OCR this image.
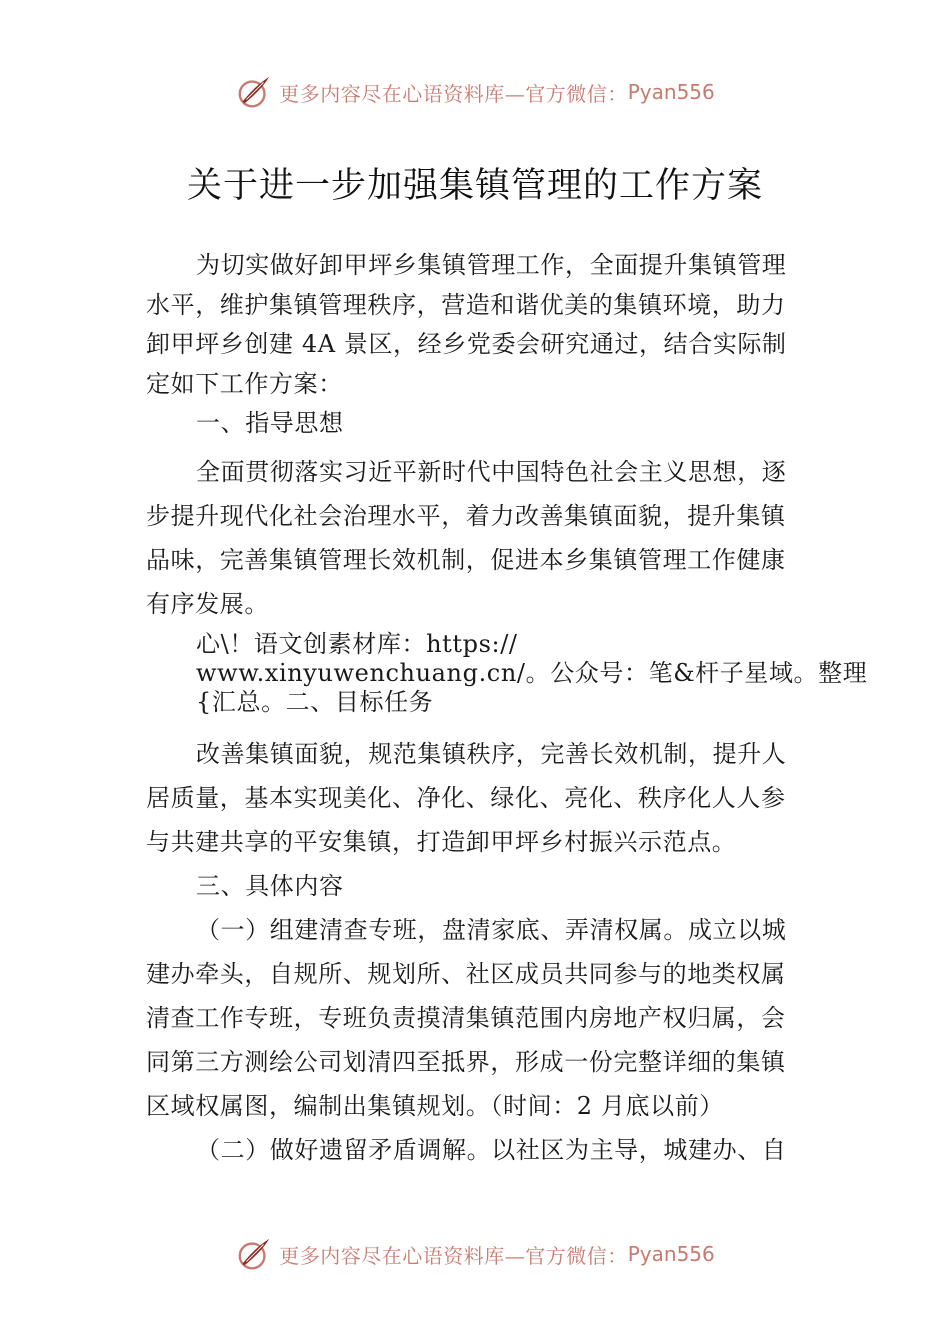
更多内容尽在心语资料库—官方微信： Pyan556
关于进一步加强集镇管理的工作方案
为切实做好卸甲坪乡集镇管理工作，全面提升集镇管理
水平，维护集镇管理秩序，营造和谐优美的集镇环境，助力
卸甲坪乡创建 4A 景区，经乡党委会研究通过，结合实际制
定如下工作方案：
一、指导思想
全面贯彻落实习近平新时代中国特色社会主义思想，逐
步提升现代化社会治理水平，着力改善集镇面貌，提升集镇
品味，完善集镇管理长效机制，促进本乡集镇管理工作健康
有序发展。
心\！语文创素材库：https://
www.xinyuwenchuang.cn/。公众号：笔&杆子星域。整理
{汇总。二、目标任务
改善集镇面貌，规范集镇秩序，完善长效机制，提升人
居质量，基本实现美化、净化、绿化、亮化、秩序化人人参
与共建共享的平安集镇，打造卸甲坪乡村振兴示范点。
三、具体内容
（一）组建清查专班，盘清家底、弄清权属。成立以城
建办牵头，自规所、规划所、社区成员共同参与的地类权属
清查工作专班，专班负责摸清集镇范围内房地产权归属，会
同第三方测绘公司划清四至抵界，形成一份完整详细的集镇
区域权属图，编制出集镇规划。（时间：2 月底以前）
（二）做好遗留矛盾调解。以社区为主导，城建办、自
更多内容尽在心语资料库—官方微信： Pyan556
